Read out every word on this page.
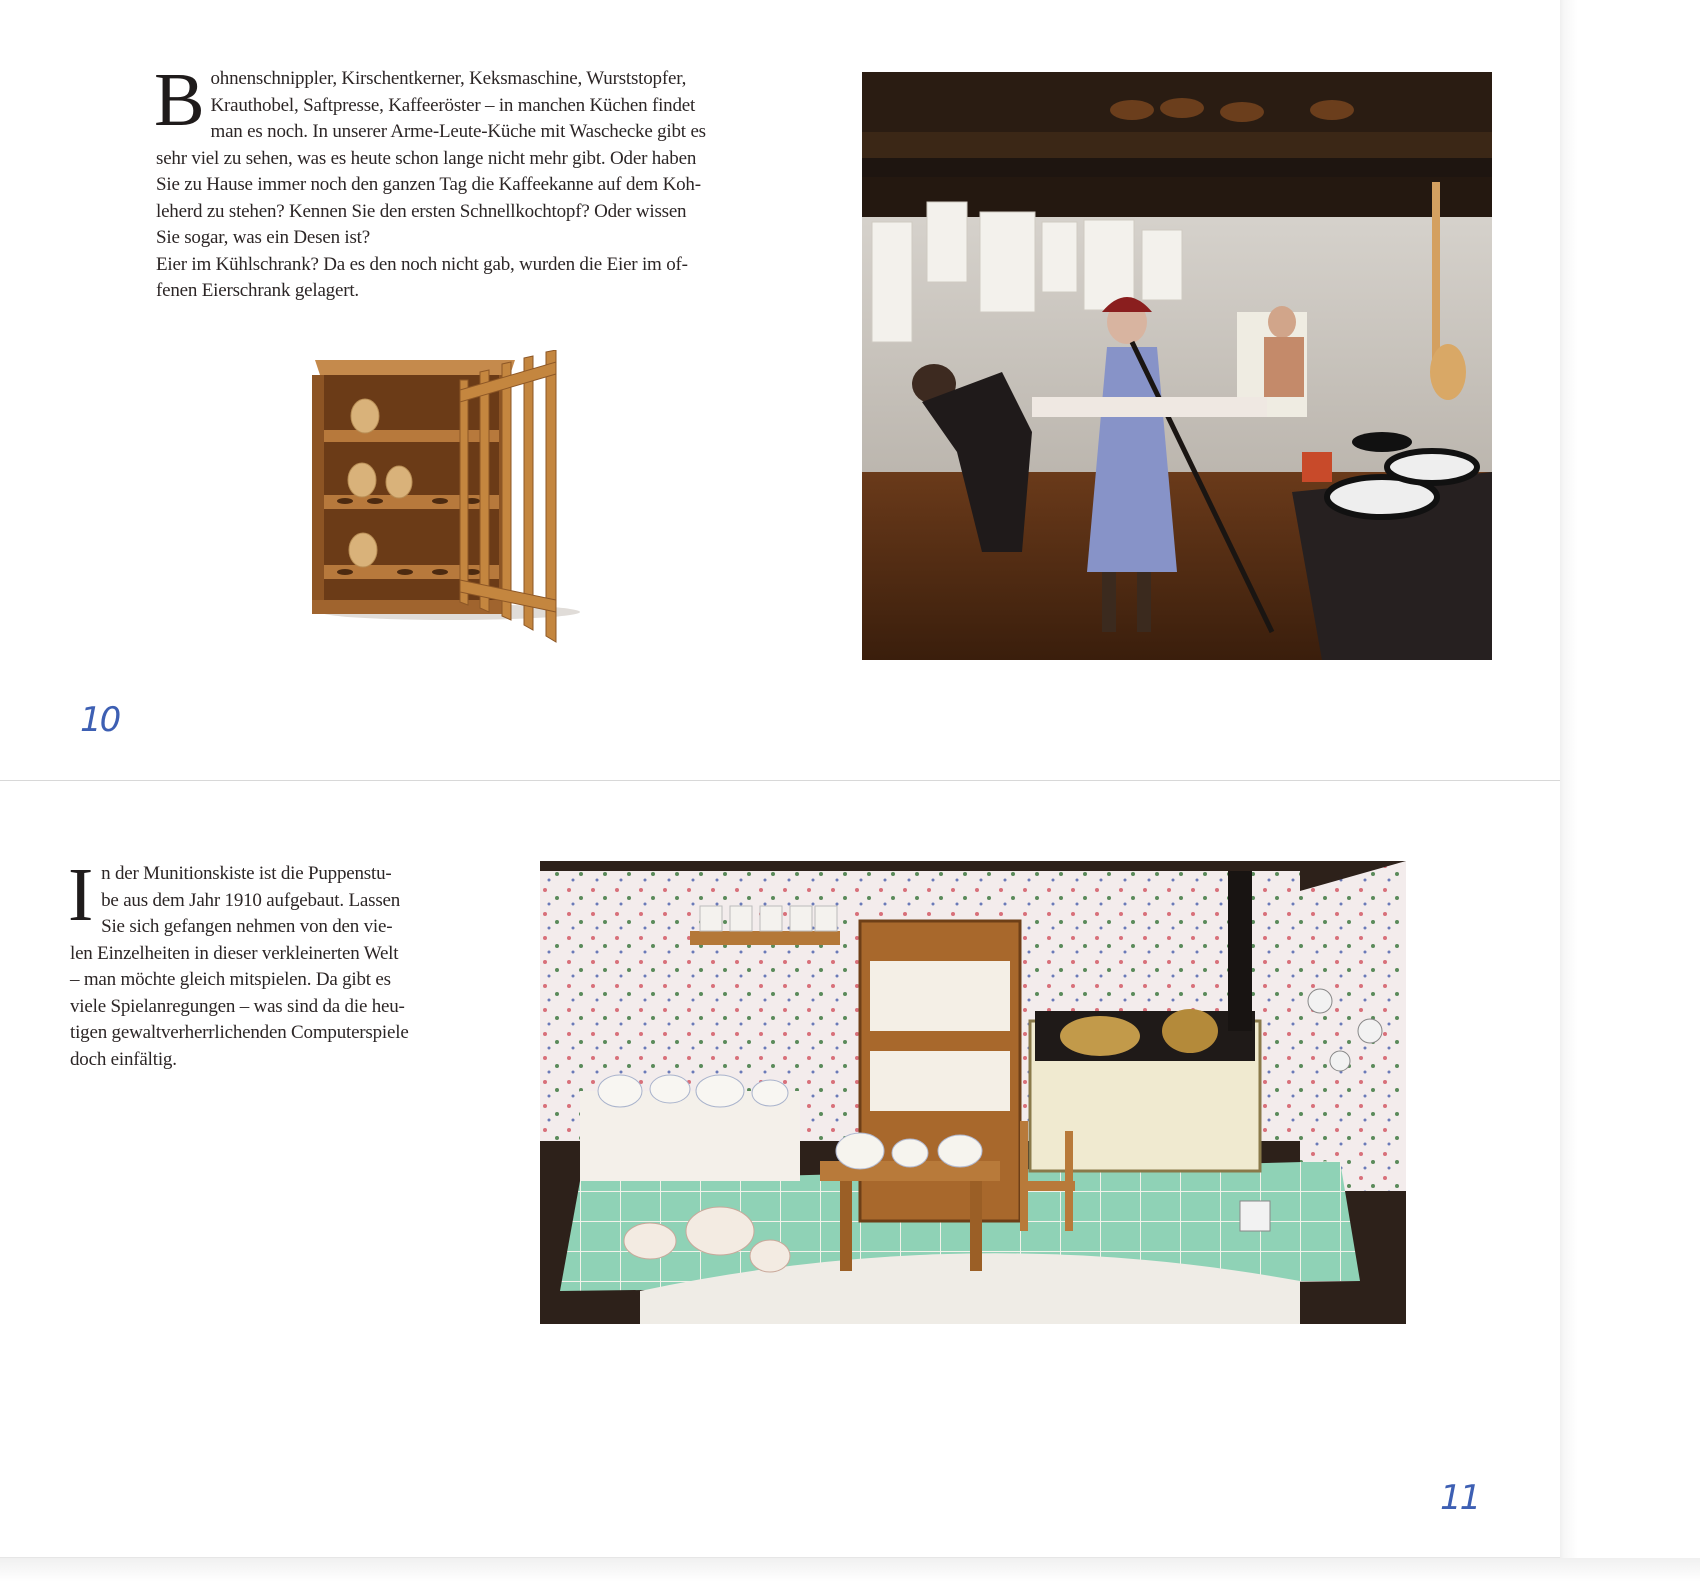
B ohnenschnippler, Kirschentkerner, Keksmaschine, Wurststopfer,

Krauthobel, Saftpresse, Kaffeeröster – in manchen Küchen findet

man es noch. In unserer Arme-Leute-Küche mit Waschecke gibt es

sehr viel zu sehen, was es heute schon lange nicht mehr gibt. Oder haben

Sie zu Hause immer noch den ganzen Tag die Kaffeekanne auf dem Koh-

leherd zu stehen? Kennen Sie den ersten Schnellkochtopf? Oder wissen

Sie sogar, was ein Desen ist?

Eier im Kühlschrank? Da es den noch nicht gab, wurden die Eier im of-

fenen Eierschrank gelagert.

10
I n der Munitionskiste ist die Puppenstu-

be aus dem Jahr 1910 aufgebaut. Lassen

Sie sich gefangen nehmen von den vie-

len Einzelheiten in dieser verkleinerten Welt

– man möchte gleich mitspielen. Da gibt es

viele Spielanregungen – was sind da die heu-

tigen gewaltverherrlichenden Computerspiele

doch einfältig.

11
